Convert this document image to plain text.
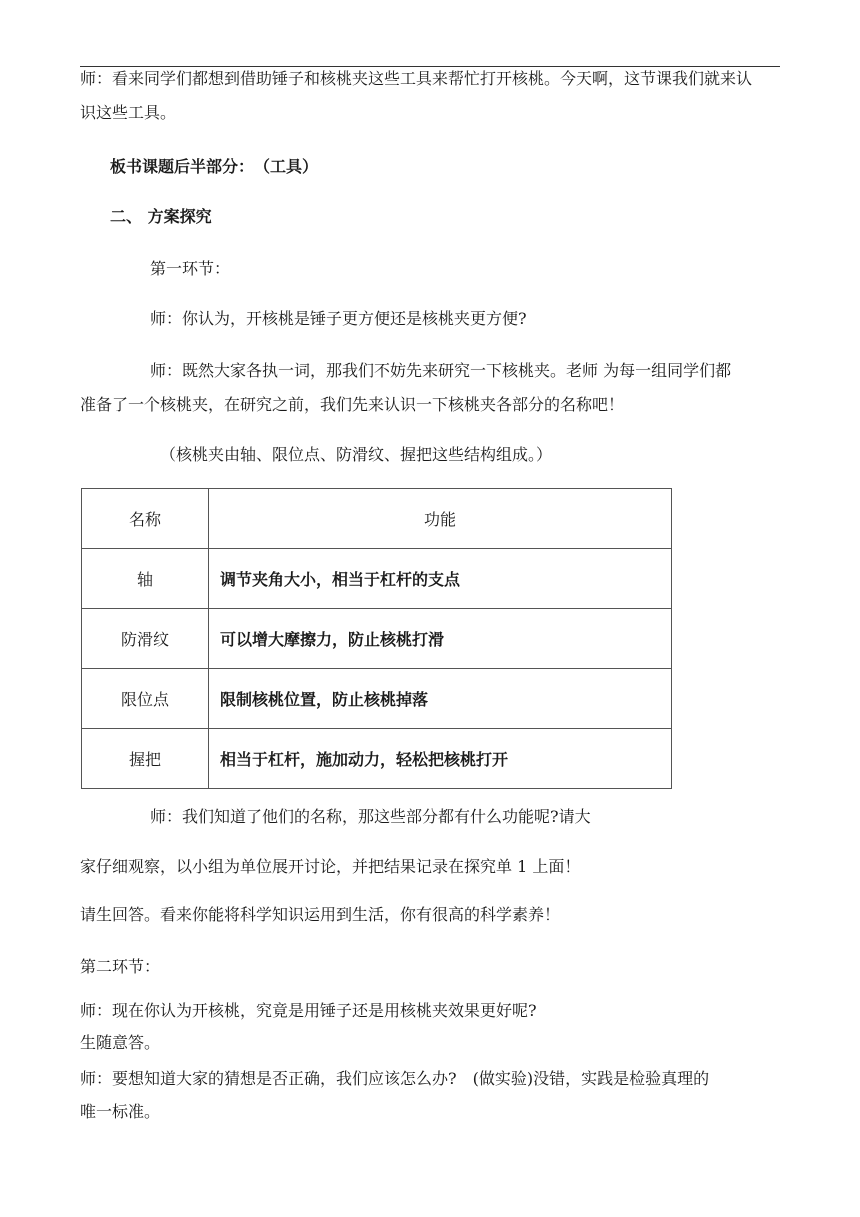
师：看来同学们都想到借助锤子和核桃夹这些工具来帮忙打开核桃。今天啊，这节课我们就来认
识这些工具。
板书课题后半部分：　（工具）
二、 方案探究
第一环节：
师：你认为，开核桃是锤子更方便还是核桃夹更方便?
师：既然大家各执一词，那我们不妨先来研究一下核桃夹。老师 为每一组同学们都
准备了一个核桃夹，在研究之前，我们先来认识一下核桃夹各部分的名称吧！
（核桃夹由轴、限位点、防滑纹、握把这些结构组成。）
名称	功能
轴	调节夹角大小，相当于杠杆的支点
防滑纹	可以增大摩擦力，防止核桃打滑
限位点	限制核桃位置，防止核桃掉落
握把	相当于杠杆，施加动力，轻松把核桃打开
师：我们知道了他们的名称，那这些部分都有什么功能呢?请大
家仔细观察，以小组为单位展开讨论，并把结果记录在探究单 1 上面！
请生回答。看来你能将科学知识运用到生活，你有很高的科学素养！
第二环节：
师：现在你认为开核桃，究竟是用锤子还是用核桃夹效果更好呢?
生随意答。
师：要想知道大家的猜想是否正确，我们应该怎么办?　(做实验)没错，实践是检验真理的
唯一标准。
